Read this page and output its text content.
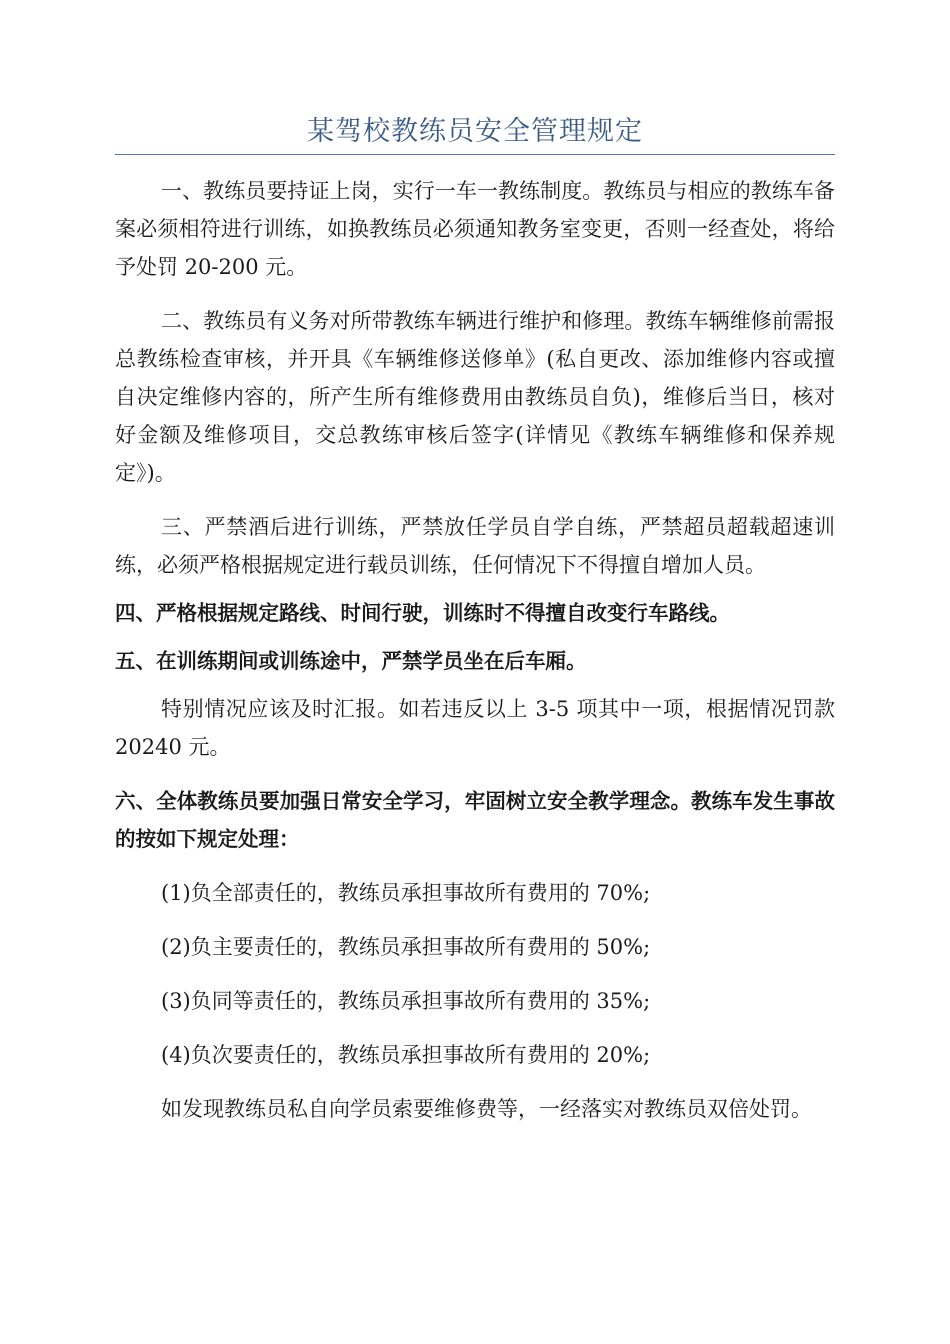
某驾校教练员安全管理规定

一、教练员要持证上岗，实行一车一教练制度。教练员与相应的教练车备案必须相符进行训练，如换教练员必须通知教务室变更，否则一经查处，将给予处罚 20-200 元。

二、教练员有义务对所带教练车辆进行维护和修理。教练车辆维修前需报总教练检查审核，并开具《车辆维修送修单》(私自更改、添加维修内容或擅自决定维修内容的，所产生所有维修费用由教练员自负)，维修后当日，核对好金额及维修项目，交总教练审核后签字(详情见《教练车辆维修和保养规定》)。

三、严禁酒后进行训练，严禁放任学员自学自练，严禁超员超载超速训练，必须严格根据规定进行载员训练，任何情况下不得擅自增加人员。

四、严格根据规定路线、时间行驶，训练时不得擅自改变行车路线。

五、在训练期间或训练途中，严禁学员坐在后车厢。

特别情况应该及时汇报。如若违反以上 3-5 项其中一项，根据情况罚款 20240 元。

六、全体教练员要加强日常安全学习，牢固树立安全教学理念。教练车发生事故的按如下规定处理：

(1)负全部责任的，教练员承担事故所有费用的 70%;

(2)负主要责任的，教练员承担事故所有费用的 50%;

(3)负同等责任的，教练员承担事故所有费用的 35%;

(4)负次要责任的，教练员承担事故所有费用的 20%;

如发现教练员私自向学员索要维修费等，一经落实对教练员双倍处罚。
